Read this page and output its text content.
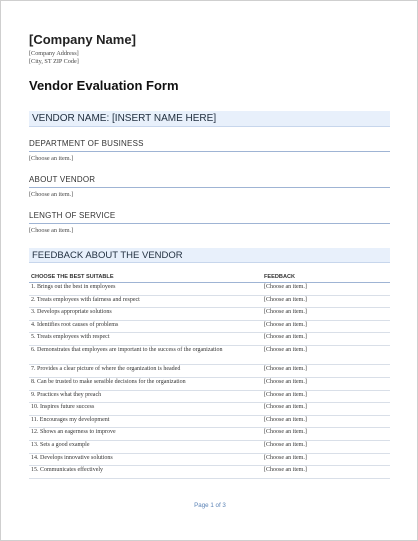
[Company Name]
[Company Address]
[City, ST ZIP Code]
Vendor Evaluation Form
VENDOR NAME: [INSERT NAME HERE]
DEPARTMENT OF BUSINESS
[Choose an item.]
ABOUT VENDOR
[Choose an item.]
LENGTH OF SERVICE
[Choose an item.]
FEEDBACK ABOUT THE VENDOR
CHOOSE THE BEST SUITABLE	FEEDBACK
1. Brings out the best in employees	[Choose an item.]
2. Treats employees with fairness and respect	[Choose an item.]
3. Develops appropriate solutions	[Choose an item.]
4. Identifies root causes of problems	[Choose an item.]
5. Treats employees with respect	[Choose an item.]
6. Demonstrates that employees are important to the success of the organization	[Choose an item.]
7. Provides a clear picture of where the organization is headed	[Choose an item.]
8. Can be trusted to make sensible decisions for the organization	[Choose an item.]
9. Practices what they preach	[Choose an item.]
10. Inspires future success	[Choose an item.]
11. Encourages my development	[Choose an item.]
12. Shows an eagerness to improve	[Choose an item.]
13. Sets a good example	[Choose an item.]
14. Develops innovative solutions	[Choose an item.]
15. Communicates effectively	[Choose an item.]
Page 1 of 3
